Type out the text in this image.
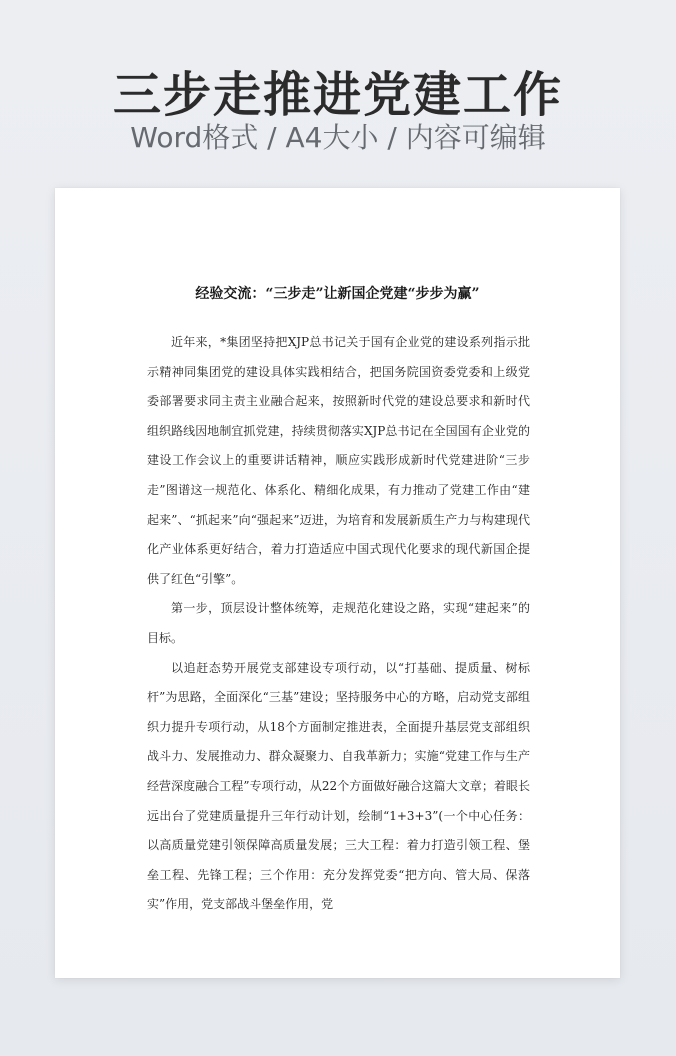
三步走推进党建工作
Word格式 / A4大小 / 内容可编辑
经验交流：“三步走”让新国企党建“步步为赢”

近年来，*集团坚持把XJP总书记关于国有企业党的建设系列指示批示精神同集团党的建设具体实践相结合，把国务院国资委党委和上级党委部署要求同主责主业融合起来，按照新时代党的建设总要求和新时代组织路线因地制宜抓党建，持续贯彻落实XJP总书记在全国国有企业党的建设工作会议上的重要讲话精神，顺应实践形成新时代党建进阶“三步走”图谱这一规范化、体系化、精细化成果，有力推动了党建工作由“建起来”、“抓起来”向“强起来”迈进，为培育和发展新质生产力与构建现代化产业体系更好结合，着力打造适应中国式现代化要求的现代新国企提供了红色“引擎”。

第一步，顶层设计整体统筹，走规范化建设之路，实现“建起来”的目标。

以追赶态势开展党支部建设专项行动，以“打基础、提质量、树标杆”为思路，全面深化“三基”建设；坚持服务中心的方略，启动党支部组织力提升专项行动，从18个方面制定推进表，全面提升基层党支部组织战斗力、发展推动力、群众凝聚力、自我革新力；实施“党建工作与生产经营深度融合工程”专项行动，从22个方面做好融合这篇大文章；着眼长远出台了党建质量提升三年行动计划，绘制“1+3+3”(一个中心任务：以高质量党建引领保障高质量发展；三大工程：着力打造引领工程、堡垒工程、先锋工程；三个作用：充分发挥党委“把方向、管大局、保落实”作用，党支部战斗堡垒作用，党
